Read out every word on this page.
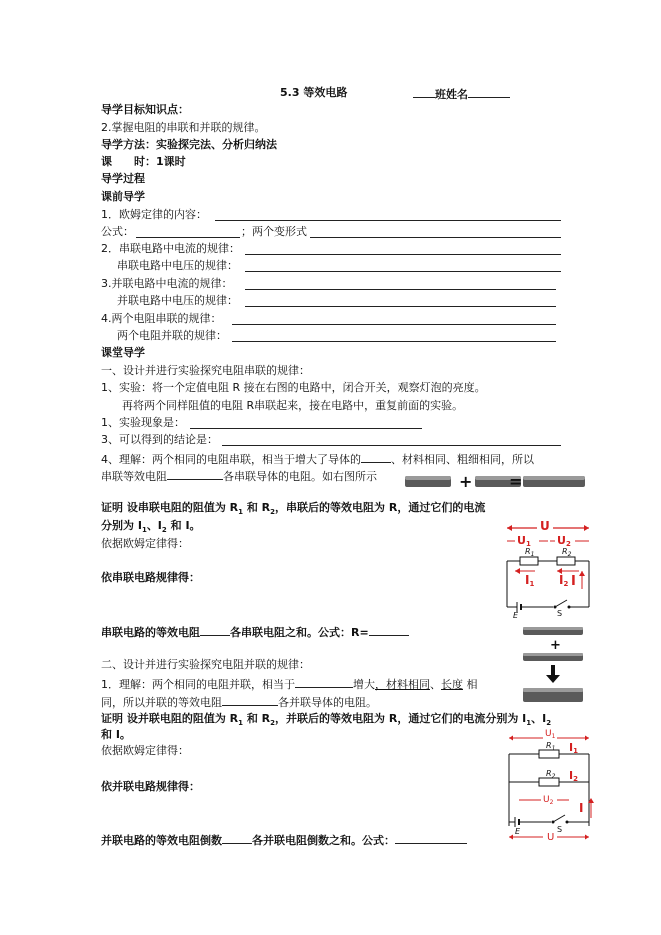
5.3 等效电路	班姓名
导学目标知识点：
2.掌握电阻的串联和并联的规律。
导学方法：实验探完法、分析归纳法
课　　时：1课时
导学过程
课前导学
1．欧姆定律的内容：
公式：	；两个变形式
2．串联电路中电流的规律：
串联电路中电压的规律：
3.并联电路中电流的规律：
并联电路中电压的规律：
4.两个电阻串联的规律：
两个电阻并联的规律：
课堂导学
一、设计并进行实验探究电阻串联的规律：
1、实验：将一个定值电阻 R 接在右图的电路中，闭合开关，观察灯泡的亮度。
再将两个同样阻值的电阻 R串联起来，接在电路中，重复前面的实验。
1、实验现象是：
3、可以得到的结论是：
4、理解：两个相同的电阻串联，相当于增大了导体的	、材料相同、粗细相同，所以
串联等效电阻	各串联导体的电阻。如右图所示	+ =
证明 设串联电阻的阻值为 $R_1$ 和 $R_2$，串联后的等效电阻为 R，通过它们的电流
分别为 $I_1$、$I_2$ 和 I。
依据欧姆定律得：
依串联电路规律得：
串联电路的等效电阻	各串联电阻之和。公式：R=
U
U1 U2
$R_1$	$R_2$
I1 I2 I
E	S
+
二、设计并进行实验探究电阻并联的规律：
1．理解：两个相同的电阻并联，相当于	增大，材料相同、长度 相
同，所以并联的等效电阻	各并联导体的电阻。
证明 设并联电阻的阻值为 $R_1$ 和 $R_2$，并联后的等效电阻为 R，通过它们的电流分别为 $I_1$、$I_2$
和 I。
依据欧姆定律得：
依并联电路规律得：
并联电路的等效电阻倒数	各并联电阻倒数之和。公式：
$U_1$
$R_1$ I1
$R_2$ I2
$U_2$ I
E	S
U
